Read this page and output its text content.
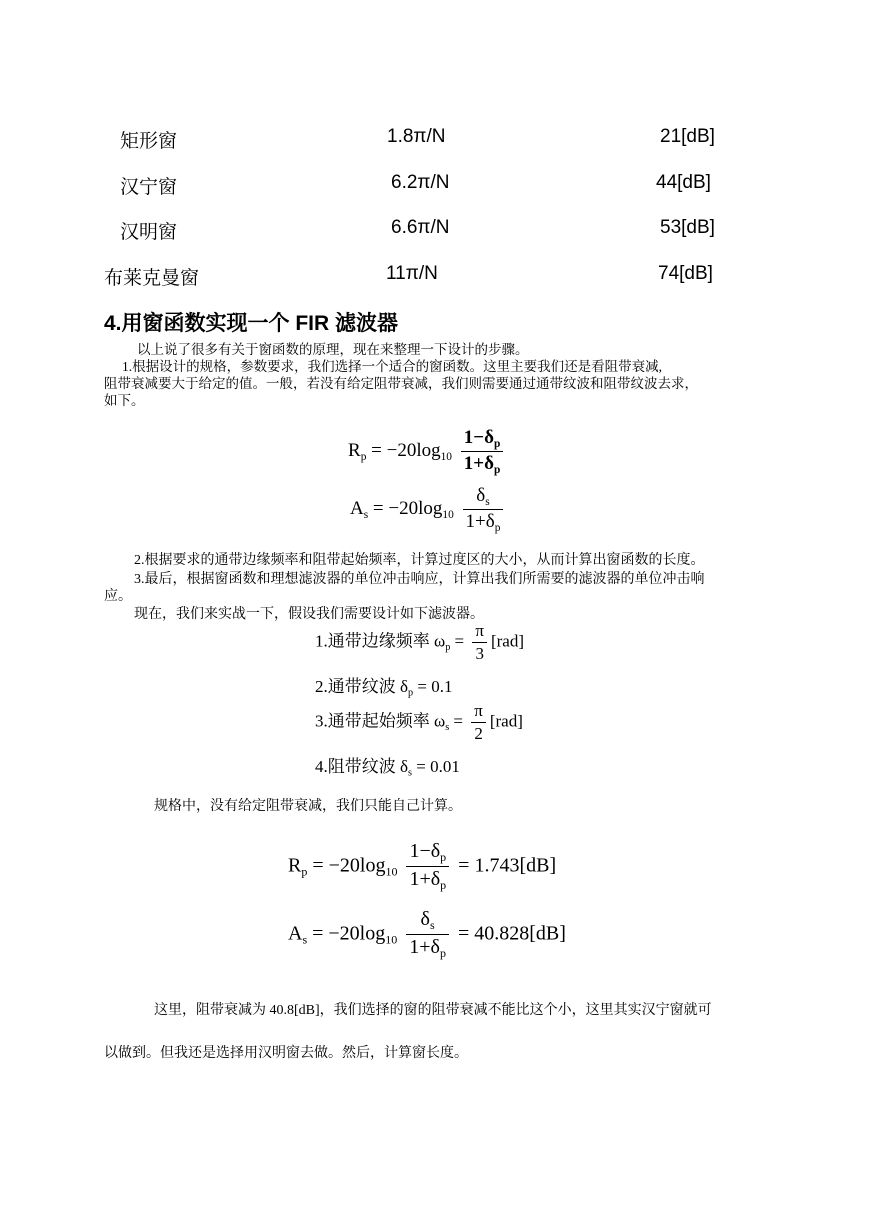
矩形窗	1.8π/N	21[dB]
汉宁窗	6.2π/N	44[dB]
汉明窗	6.6π/N	53[dB]
布莱克曼窗	11π/N	74[dB]
4.用窗函数实现一个 FIR 滤波器
以上说了很多有关于窗函数的原理，现在来整理一下设计的步骤。
1.根据设计的规格，参数要求，我们选择一个适合的窗函数。这里主要我们还是看阻带衰减,
阻带衰减要大于给定的值。一般，若没有给定阻带衰减，我们则需要通过通带纹波和阻带纹波去求，
如下。
$R_p = -20\log_{10} \frac{1-\delta_p}{1+\delta_p}$
$A_s = -20\log_{10} \frac{\delta_s}{1+\delta_p}$
2.根据要求的通带边缘频率和阻带起始频率，计算过度区的大小，从而计算出窗函数的长度。
3.最后，根据窗函数和理想滤波器的单位冲击响应，计算出我们所需要的滤波器的单位冲击响
应。
现在，我们来实战一下，假设我们需要设计如下滤波器。
1.通带边缘频率 $\omega_p = \frac{\pi}{3} [rad]$
2.通带纹波 $\delta_p = 0.1$
3.通带起始频率 $\omega_s = \frac{\pi}{2} [rad]$
4.阻带纹波 $\delta_s = 0.01$
规格中，没有给定阻带衰减，我们只能自己计算。
$R_p = -20\log_{10} \frac{1-\delta_p}{1+\delta_p} = 1.743[dB]$
$A_s = -20\log_{10} \frac{\delta_s}{1+\delta_p} = 40.828[dB]$
这里，阻带衰减为 40.8[dB]，我们选择的窗的阻带衰减不能比这个小，这里其实汉宁窗就可
以做到。但我还是选择用汉明窗去做。然后，计算窗长度。
